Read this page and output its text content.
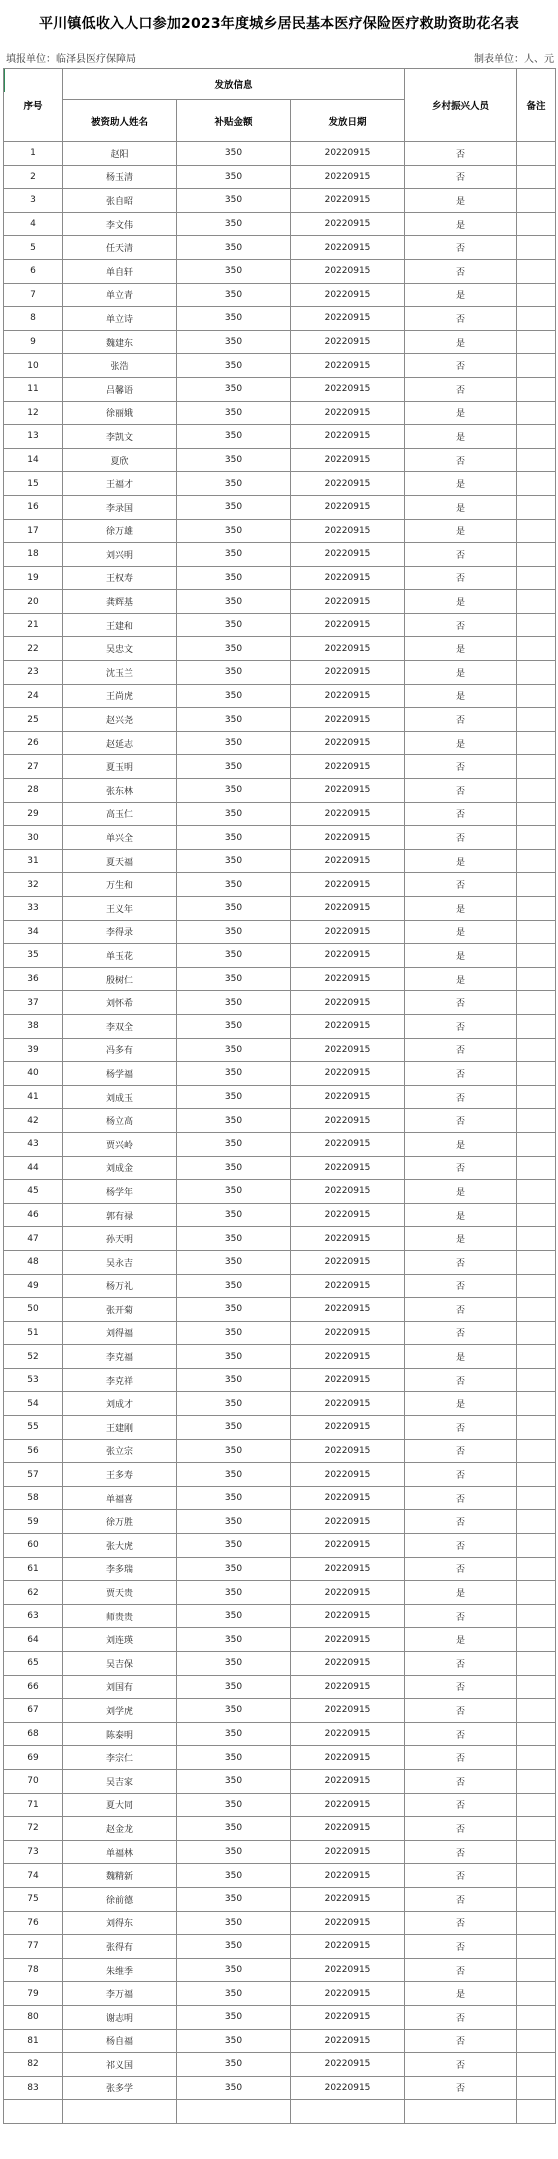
平川镇低收入人口参加2023年度城乡居民基本医疗保险医疗救助资助花名表
填报单位：临泽县医疗保障局	制表单位：人、元
序号	发放信息			乡村振兴人员	备注
	被资助人姓名	补贴金额	发放日期		
1	赵阳	350	20220915	否	
2	杨玉清	350	20220915	否	
3	张自昭	350	20220915	是	
4	李文伟	350	20220915	是	
5	任天清	350	20220915	否	
6	单自轩	350	20220915	否	
7	单立青	350	20220915	是	
8	单立诗	350	20220915	否	
9	魏建东	350	20220915	是	
10	张浩	350	20220915	否	
11	吕馨语	350	20220915	否	
12	徐丽娥	350	20220915	是	
13	李凯文	350	20220915	是	
14	夏欣	350	20220915	否	
15	王福才	350	20220915	是	
16	李录国	350	20220915	是	
17	徐万雄	350	20220915	是	
18	刘兴明	350	20220915	否	
19	王权寿	350	20220915	否	
20	龚辉基	350	20220915	是	
21	王建和	350	20220915	否	
22	吴忠文	350	20220915	是	
23	沈玉兰	350	20220915	是	
24	王尚虎	350	20220915	是	
25	赵兴尧	350	20220915	否	
26	赵延志	350	20220915	是	
27	夏玉明	350	20220915	否	
28	张东林	350	20220915	否	
29	高玉仁	350	20220915	否	
30	单兴全	350	20220915	否	
31	夏天福	350	20220915	是	
32	万生和	350	20220915	否	
33	王义年	350	20220915	是	
34	李得录	350	20220915	是	
35	单玉花	350	20220915	是	
36	殷树仁	350	20220915	是	
37	刘怀希	350	20220915	否	
38	李双全	350	20220915	否	
39	冯多有	350	20220915	否	
40	杨学福	350	20220915	否	
41	刘成玉	350	20220915	否	
42	杨立高	350	20220915	否	
43	贾兴岭	350	20220915	是	
44	刘成金	350	20220915	否	
45	杨学年	350	20220915	是	
46	郭有禄	350	20220915	是	
47	孙天明	350	20220915	是	
48	吴永吉	350	20220915	否	
49	杨万礼	350	20220915	否	
50	张开菊	350	20220915	否	
51	刘得福	350	20220915	否	
52	李克福	350	20220915	是	
53	李克祥	350	20220915	否	
54	刘成才	350	20220915	是	
55	王建刚	350	20220915	否	
56	张立宗	350	20220915	否	
57	王多寿	350	20220915	否	
58	单福喜	350	20220915	否	
59	徐万胜	350	20220915	否	
60	张大虎	350	20220915	否	
61	李多瑞	350	20220915	否	
62	贾天贵	350	20220915	是	
63	师贵贵	350	20220915	否	
64	刘连瑛	350	20220915	是	
65	吴吉保	350	20220915	否	
66	刘国有	350	20220915	否	
67	刘学虎	350	20220915	否	
68	陈泰明	350	20220915	否	
69	李宗仁	350	20220915	否	
70	吴吉家	350	20220915	否	
71	夏大同	350	20220915	否	
72	赵金龙	350	20220915	否	
73	单福林	350	20220915	否	
74	魏精新	350	20220915	否	
75	徐前德	350	20220915	否	
76	刘得东	350	20220915	否	
77	张得有	350	20220915	否	
78	朱维季	350	20220915	否	
79	李万福	350	20220915	是	
80	谢志明	350	20220915	否	
81	杨自福	350	20220915	否	
82	祁义国	350	20220915	否	
83	张多学	350	20220915	否	
